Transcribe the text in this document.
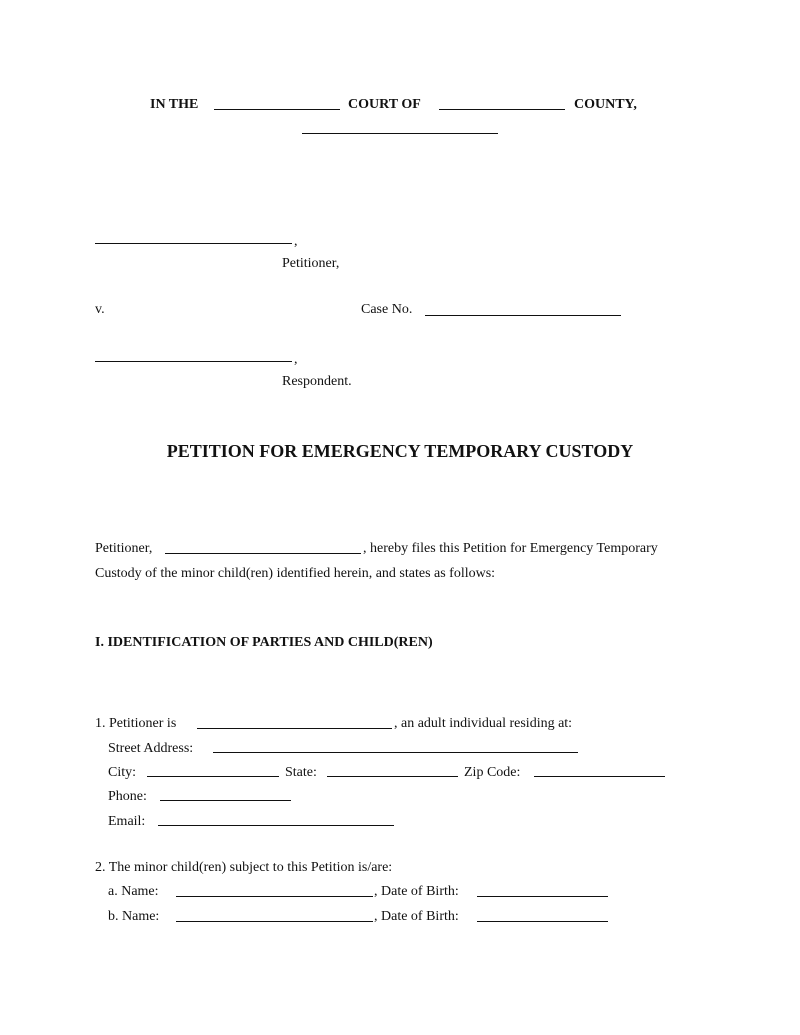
IN THE	COURT OF	COUNTY,
,
Petitioner,
v.	Case No.
,
Respondent.
PETITION FOR EMERGENCY TEMPORARY CUSTODY
Petitioner,	, hereby files this Petition for Emergency Temporary
Custody of the minor child(ren) identified herein, and states as follows:
I. IDENTIFICATION OF PARTIES AND CHILD(REN)
1. Petitioner is	, an adult individual residing at:
Street Address:
City:	State:	Zip Code:
Phone:
Email:
2. The minor child(ren) subject to this Petition is/are:
a. Name:	, Date of Birth:
b. Name:	, Date of Birth:
